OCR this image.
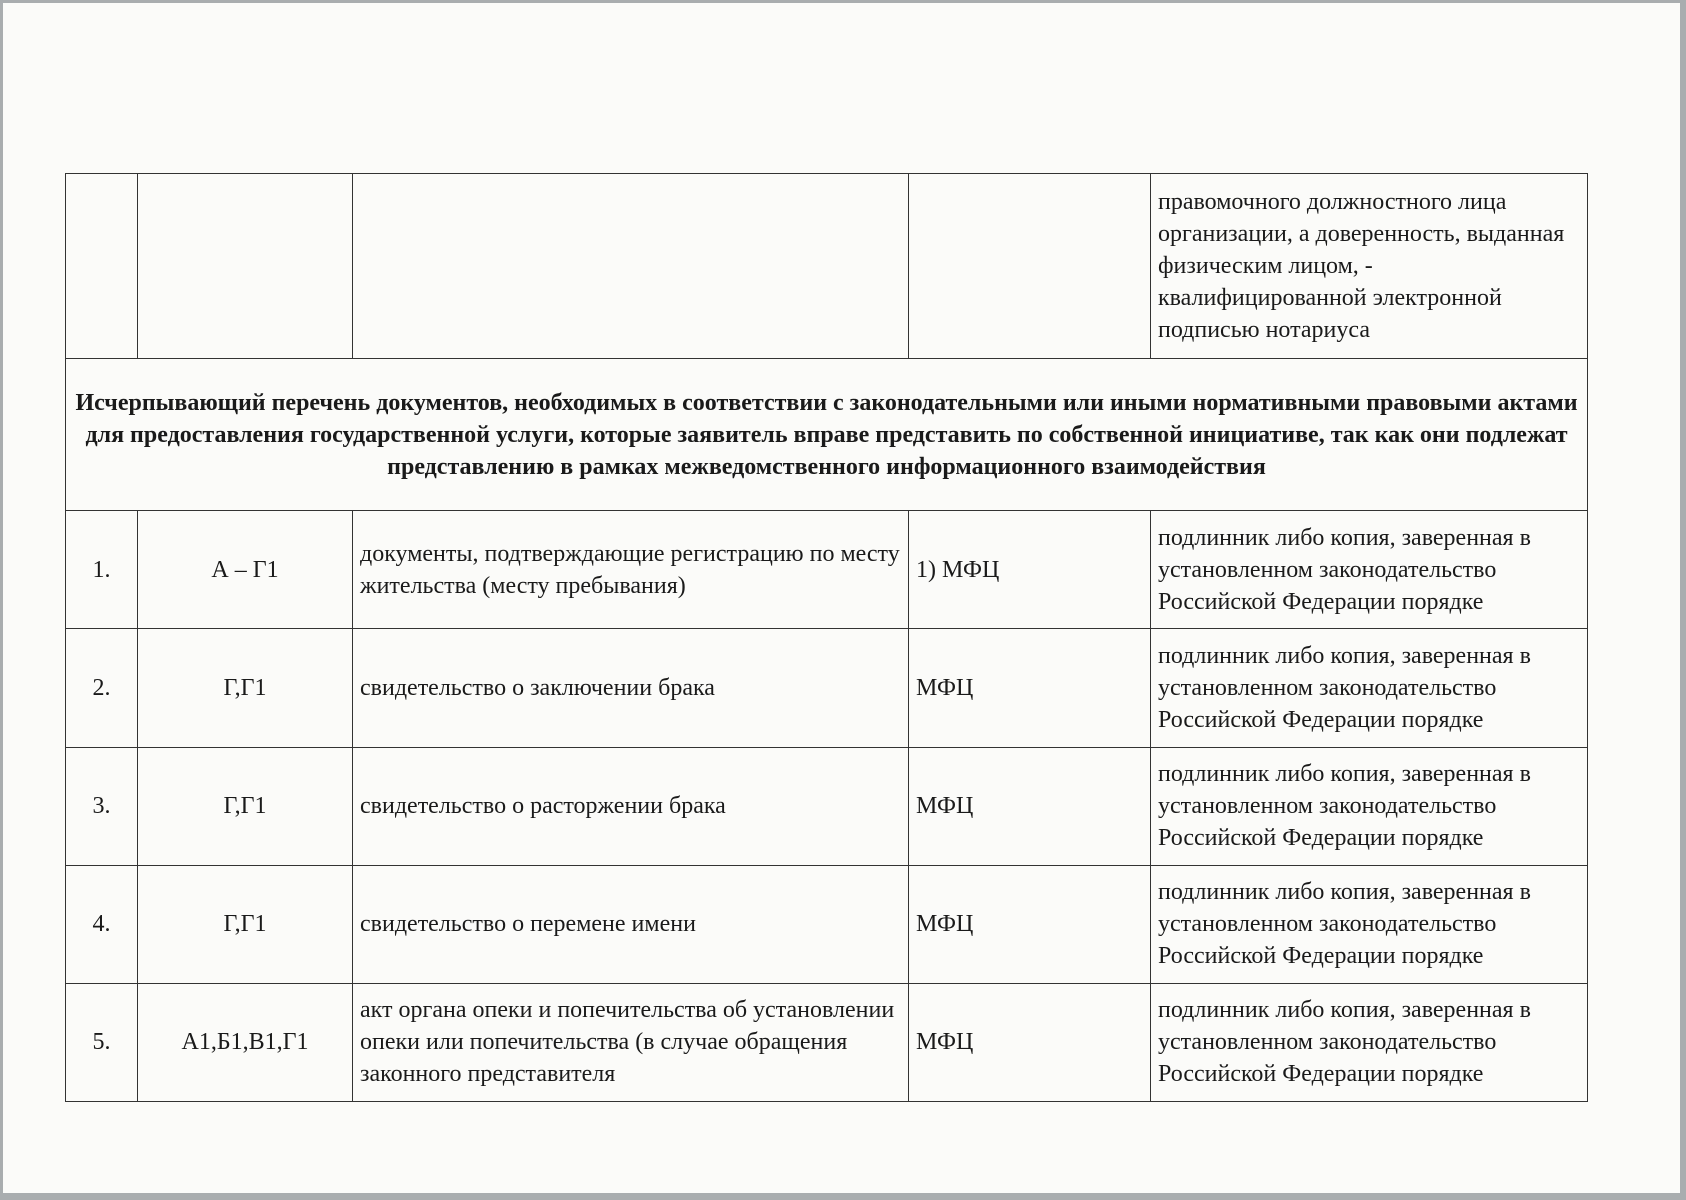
				правомочного должностного лица организации, а доверенность, выданная физическим лицом, - квалифицированной электронной подписью нотариуса
Исчерпывающий перечень документов, необходимых в соответствии с законодательными или иными нормативными правовыми актами для предоставления государственной услуги, которые заявитель вправе представить по собственной инициативе, так как они подлежат представлению в рамках межведомственного информационного взаимодействия				
1.	А – Г1	документы, подтверждающие регистрацию по месту жительства (месту пребывания)	1) МФЦ	подлинник либо копия, заверенная в установленном законодательство Российской Федерации порядке
2.	Г,Г1	свидетельство о заключении брака	МФЦ	подлинник либо копия, заверенная в установленном законодательство Российской Федерации порядке
3.	Г,Г1	свидетельство о расторжении брака	МФЦ	подлинник либо копия, заверенная в установленном законодательство Российской Федерации порядке
4.	Г,Г1	свидетельство о перемене имени	МФЦ	подлинник либо копия, заверенная в установленном законодательство Российской Федерации порядке
5.	А1,Б1,В1,Г1	акт органа опеки и попечительства об установлении опеки или попечительства (в случае обращения законного представителя	МФЦ	подлинник либо копия, заверенная в установленном законодательство Российской Федерации порядке
